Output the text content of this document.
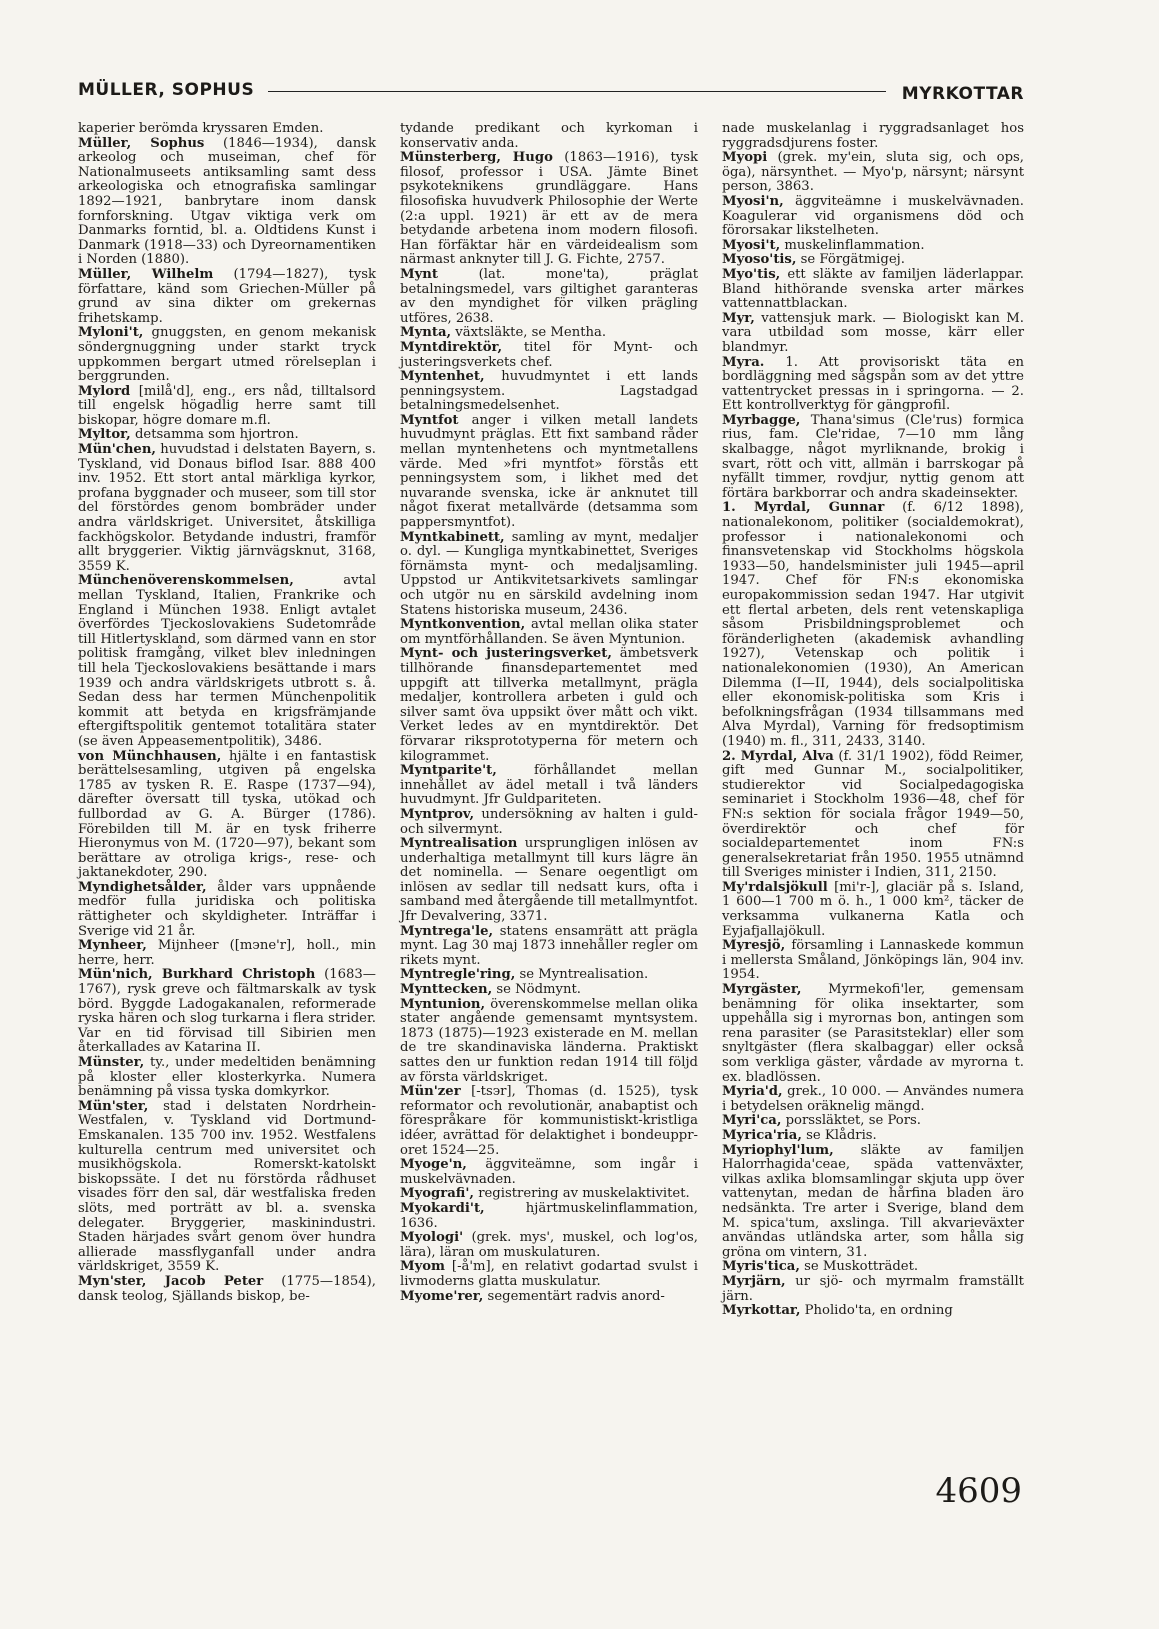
MÜLLER, SOPHUS	MYRKOTTAR

kaperier berömda kryssaren Emden.

Müller, Sophus (1846—1934), dansk arkeolog och museiman, chef för Nationalmuseets antiksamling samt dess arkeologiska och etnografiska samlingar 1892—1921, banbrytare inom dansk fornforskning. Utgav viktiga verk om Danmarks forntid, bl. a. Oldtidens Kunst i Danmark (1918—33) och Dyreornamentiken i Norden (1880).

Müller, Wilhelm (1794—1827), tysk författare, känd som Griechen-Müller på grund av sina dikter om grekernas frihetskamp.

Myloni't, gnuggsten, en genom mekanisk söndergnuggning under starkt tryck uppkommen bergart utmed rörelseplan i berggrunden.

Mylord [milå'd], eng., ers nåd, tilltalsord till engelsk högadlig herre samt till biskopar, högre domare m.fl.

Myltor, detsamma som hjortron.

Mün'chen, huvudstad i delstaten Bayern, s. Tyskland, vid Donaus biflod Isar. 888 400 inv. 1952. Ett stort antal märkliga kyrkor, profana byggnader och museer, som till stor del förstördes genom bombräder under andra världskriget. Universitet, åtskilliga fackhögskolor. Betydande industri, framför allt bryggerier. Viktig järnvägsknut, 3168, 3559 K.

Münchenöverenskommelsen, avtal mellan Tyskland, Italien, Frankrike och England i München 1938. Enligt avtalet överfördes Tjeckoslovakiens Sudetområde till Hitlertyskland, som därmed vann en stor politisk framgång, vilket blev inledningen till hela Tjeckoslovakiens besättande i mars 1939 och andra världskrigets utbrott s. å. Sedan dess har termen Münchenpolitik kommit att betyda en krigsfrämjande eftergiftspolitik gentemot totalitära stater (se även Appeasementpolitik), 3486.

von Münchhausen, hjälte i en fantastisk berättelsesamling, utgiven på engelska 1785 av tysken R. E. Raspe (1737—94), därefter översatt till tyska, utökad och fullbordad av G. A. Bürger (1786). Förebilden till M. är en tysk friherre Hieronymus von M. (1720—97), bekant som berättare av otroliga krigs-, rese- och jaktanekdoter, 290.

Myndighetsålder, ålder vars uppnående medför fulla juridiska och politiska rättigheter och skyldigheter. Inträffar i Sverige vid 21 år.

Mynheer, Mijnheer ([mэne'r], holl., min herre, herr.

Mün'nich, Burkhard Christoph (1683—1767), rysk greve och fältmarskalk av tysk börd. Byggde Ladogakanalen, reformerade ryska hären och slog turkarna i flera strider. Var en tid förvisad till Sibirien men återkallades av Katarina II.

Münster, ty., under medeltiden benämning på kloster eller klosterkyrka. Numera benämning på vissa tyska domkyrkor.

Mün'ster, stad i delstaten Nordrhein-Westfalen, v. Tyskland vid Dortmund-Emskanalen. 135 700 inv. 1952. Westfalens kulturella centrum med universitet och musikhögskola. Romerskt-katolskt biskopssäte. I det nu förstörda rådhuset visades förr den sal, där westfaliska freden slöts, med porträtt av bl. a. svenska delegater. Bryggerier, maskinindustri. Staden härjades svårt genom över hundra allierade massflyganfall under andra världskriget, 3559 K.

Myn'ster, Jacob Peter (1775—1854), dansk teolog, Själlands biskop, be-

tydande predikant och kyrkoman i konservativ anda.

Münsterberg, Hugo (1863—1916), tysk filosof, professor i USA. Jämte Binet psykoteknikens grundläggare. Hans filosofiska huvudverk Philosophie der Werte (2:a uppl. 1921) är ett av de mera betydande arbetena inom modern filosofi. Han förfäktar här en värdeidealism som närmast anknyter till J. G. Fichte, 2757.

Mynt (lat. mone'ta), präglat betalningsmedel, vars giltighet garanteras av den myndighet för vilken prägling utföres, 2638.

Mynta, växtsläkte, se Mentha.

Myntdirektör, titel för Mynt- och justeringsverkets chef.

Myntenhet, huvudmyntet i ett lands penningsystem. Lagstadgad betalningsmedelsenhet.

Myntfot anger i vilken metall landets huvudmynt präglas. Ett fixt samband råder mellan myntenhetens och myntmetallens värde. Med »fri myntfot» förstås ett penningsystem som, i likhet med det nuvarande svenska, icke är anknutet till något fixerat metallvärde (detsamma som pappersmyntfot).

Myntkabinett, samling av mynt, medaljer o. dyl. — Kungliga myntkabinettet, Sveriges förnämsta mynt- och medaljsamling. Uppstod ur Antikvitetsarkivets samlingar och utgör nu en särskild avdelning inom Statens historiska museum, 2436.

Myntkonvention, avtal mellan olika stater om myntförhållanden. Se även Myntunion.

Mynt- och justeringsverket, ämbetsverk tillhörande finansdepartementet med uppgift att tillverka metallmynt, prägla medaljer, kontrollera arbeten i guld och silver samt öva uppsikt över mått och vikt. Verket ledes av en myntdirektör. Det förvarar riksprototyperna för metern och kilogrammet.

Myntparite't, förhållandet mellan innehållet av ädel metall i två länders huvudmynt. Jfr Guldpariteten.

Myntprov, undersökning av halten i guld- och silvermynt.

Myntrealisation ursprungligen inlösen av underhaltiga metallmynt till kurs lägre än det nominella. — Senare oegentligt om inlösen av sedlar till nedsatt kurs, ofta i samband med återgående till metallmyntfot. Jfr Devalvering, 3371.

Myntrega'le, statens ensamrätt att prägla mynt. Lag 30 maj 1873 innehåller regler om rikets mynt.

Myntregle'ring, se Myntrealisation.

Mynttecken, se Nödmynt.

Myntunion, överenskommelse mellan olika stater angående gemensamt myntsystem. 1873 (1875)—1923 existerade en M. mellan de tre skandinaviska länderna. Praktiskt sattes den ur funktion redan 1914 till följd av första världskriget.

Mün'zer [-tsэr], Thomas (d. 1525), tysk reformator och revolutionär, anabaptist och förespråkare för kommunistiskt-kristliga idéer, avrättad för delaktighet i bondeupproret 1524—25.

Myoge'n, äggviteämne, som ingår i muskelvävnaden.

Myografi', registrering av muskelaktivitet.

Myokardi't, hjärtmuskelinflammation, 1636.

Myologi' (grek. mys', muskel, och log'os, lära), läran om muskulaturen.

Myom [-å'm], en relativt godartad svulst i livmoderns glatta muskulatur.

Myome'rer, segementärt radvis anord-

nade muskelanlag i ryggradsanlaget hos ryggradsdjurens foster.

Myopi (grek. my'ein, sluta sig, och ops, öga), närsynthet. — Myo'p, närsynt; närsynt person, 3863.

Myosi'n, äggviteämne i muskelvävnaden. Koagulerar vid organismens död och förorsakar likstelheten.

Myosi't, muskelinflammation.

Myoso'tis, se Förgätmigej.

Myo'tis, ett släkte av familjen läderlappar. Bland hithörande svenska arter märkes vattennattblackan.

Myr, vattensjuk mark. — Biologiskt kan M. vara utbildad som mosse, kärr eller blandmyr.

Myra. 1. Att provisoriskt täta en bordläggning med sågspån som av det yttre vattentrycket pressas in i springorna. — 2. Ett kontrollverktyg för gängprofil.

Myrbagge, Thana'simus (Cle'rus) formica rius, fam. Cle'ridae, 7—10 mm lång skalbagge, något myrliknande, brokig i svart, rött och vitt, allmän i barrskogar på nyfällt timmer, rovdjur, nyttig genom att förtära barkborrar och andra skadeinsekter.

1. Myrdal, Gunnar (f. 6/12 1898), nationalekonom, politiker (socialdemokrat), professor i nationalekonomi och finansvetenskap vid Stockholms högskola 1933—50, handelsminister juli 1945—april 1947. Chef för FN:s ekonomiska europakommission sedan 1947. Har utgivit ett flertal arbeten, dels rent vetenskapliga såsom Prisbildningsproblemet och föränderligheten (akademisk avhandling 1927), Vetenskap och politik i nationalekonomien (1930), An American Dilemma (I—II, 1944), dels socialpolitiska eller ekonomisk-politiska som Kris i befolkningsfrågan (1934 tillsammans med Alva Myrdal), Varning för fredsoptimism (1940) m. fl., 311, 2433, 3140.

2. Myrdal, Alva (f. 31/1 1902), född Reimer, gift med Gunnar M., socialpolitiker, studierektor vid Socialpedagogiska seminariet i Stockholm 1936—48, chef för FN:s sektion för sociala frågor 1949—50, överdirektör och chef för socialdepartementet inom FN:s generalsekretariat från 1950. 1955 utnämnd till Sveriges minister i Indien, 311, 2150.

My'rdalsjökull [mi'r-], glaciär på s. Island, 1 600—1 700 m ö. h., 1 000 km², täcker de verksamma vulkanerna Katla och Eyjafjallajökull.

Myresjö, församling i Lannaskede kommun i mellersta Småland, Jönköpings län, 904 inv. 1954.

Myrgäster, Myrmekofi'ler, gemensam benämning för olika insektarter, som uppehålla sig i myrornas bon, antingen som rena parasiter (se Parasitsteklar) eller som snyltgäster (flera skalbaggar) eller också som verkliga gäster, vårdade av myrorna t. ex. bladlössen.

Myria'd, grek., 10 000. — Användes numera i betydelsen oräknelig mängd.

Myri'ca, porssläktet, se Pors.

Myrica'ria, se Klådris.

Myriophyl'lum, släkte av familjen Halorrhagida'ceae, späda vattenväxter, vilkas axlika blomsamlingar skjuta upp över vattenytan, medan de hårfina bladen äro nedsänkta. Tre arter i Sverige, bland dem M. spica'tum, axslinga. Till akvarieväxter användas utländska arter, som hålla sig gröna om vintern, 31.

Myris'tica, se Muskotträdet.

Myrjärn, ur sjö- och myrmalm framställt järn.

Myrkottar, Pholido'ta, en ordning

4609
